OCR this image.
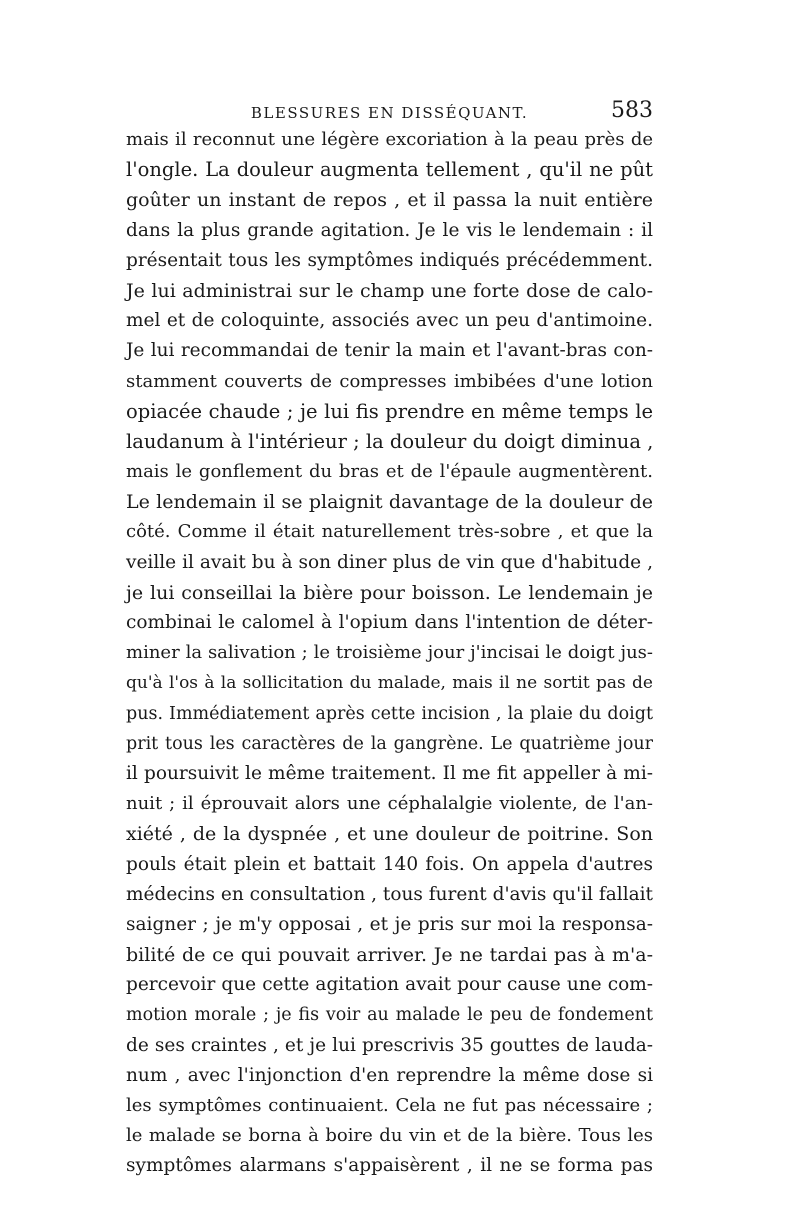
BLESSURES EN DISSÉQUANT.	583
mais il reconnut une légère excoriation à la peau près de
l'ongle. La douleur augmenta tellement , qu'il ne pût
goûter un instant de repos , et il passa la nuit entière
dans la plus grande agitation. Je le vis le lendemain : il
présentait tous les symptômes indiqués précédemment.
Je lui administrai sur le champ une forte dose de calo-
mel et de coloquinte, associés avec un peu d'antimoine.
Je lui recommandai de tenir la main et l'avant-bras con-
stamment couverts de compresses imbibées d'une lotion
opiacée chaude ; je lui fis prendre en même temps le
laudanum à l'intérieur ; la douleur du doigt diminua ,
mais le gonflement du bras et de l'épaule augmentèrent.
Le lendemain il se plaignit davantage de la douleur de
côté. Comme il était naturellement très-sobre , et que la
veille il avait bu à son diner plus de vin que d'habitude ,
je lui conseillai la bière pour boisson. Le lendemain je
combinai le calomel à l'opium dans l'intention de déter-
miner la salivation ; le troisième jour j'incisai le doigt jus-
qu'à l'os à la sollicitation du malade, mais il ne sortit pas de
pus. Immédiatement après cette incision , la plaie du doigt
prit tous les caractères de la gangrène. Le quatrième jour
il poursuivit le même traitement. Il me fit appeller à mi-
nuit ; il éprouvait alors une céphalalgie violente, de l'an-
xiété , de la dyspnée , et une douleur de poitrine. Son
pouls était plein et battait 140 fois. On appela d'autres
médecins en consultation , tous furent d'avis qu'il fallait
saigner ; je m'y opposai , et je pris sur moi la responsa-
bilité de ce qui pouvait arriver. Je ne tardai pas à m'a-
percevoir que cette agitation avait pour cause une com-
motion morale ; je fis voir au malade le peu de fondement
de ses craintes , et je lui prescrivis 35 gouttes de lauda-
num , avec l'injonction d'en reprendre la même dose si
les symptômes continuaient. Cela ne fut pas nécessaire ;
le malade se borna à boire du vin et de la bière. Tous les
symptômes alarmans s'appaisèrent , il ne se forma pas
